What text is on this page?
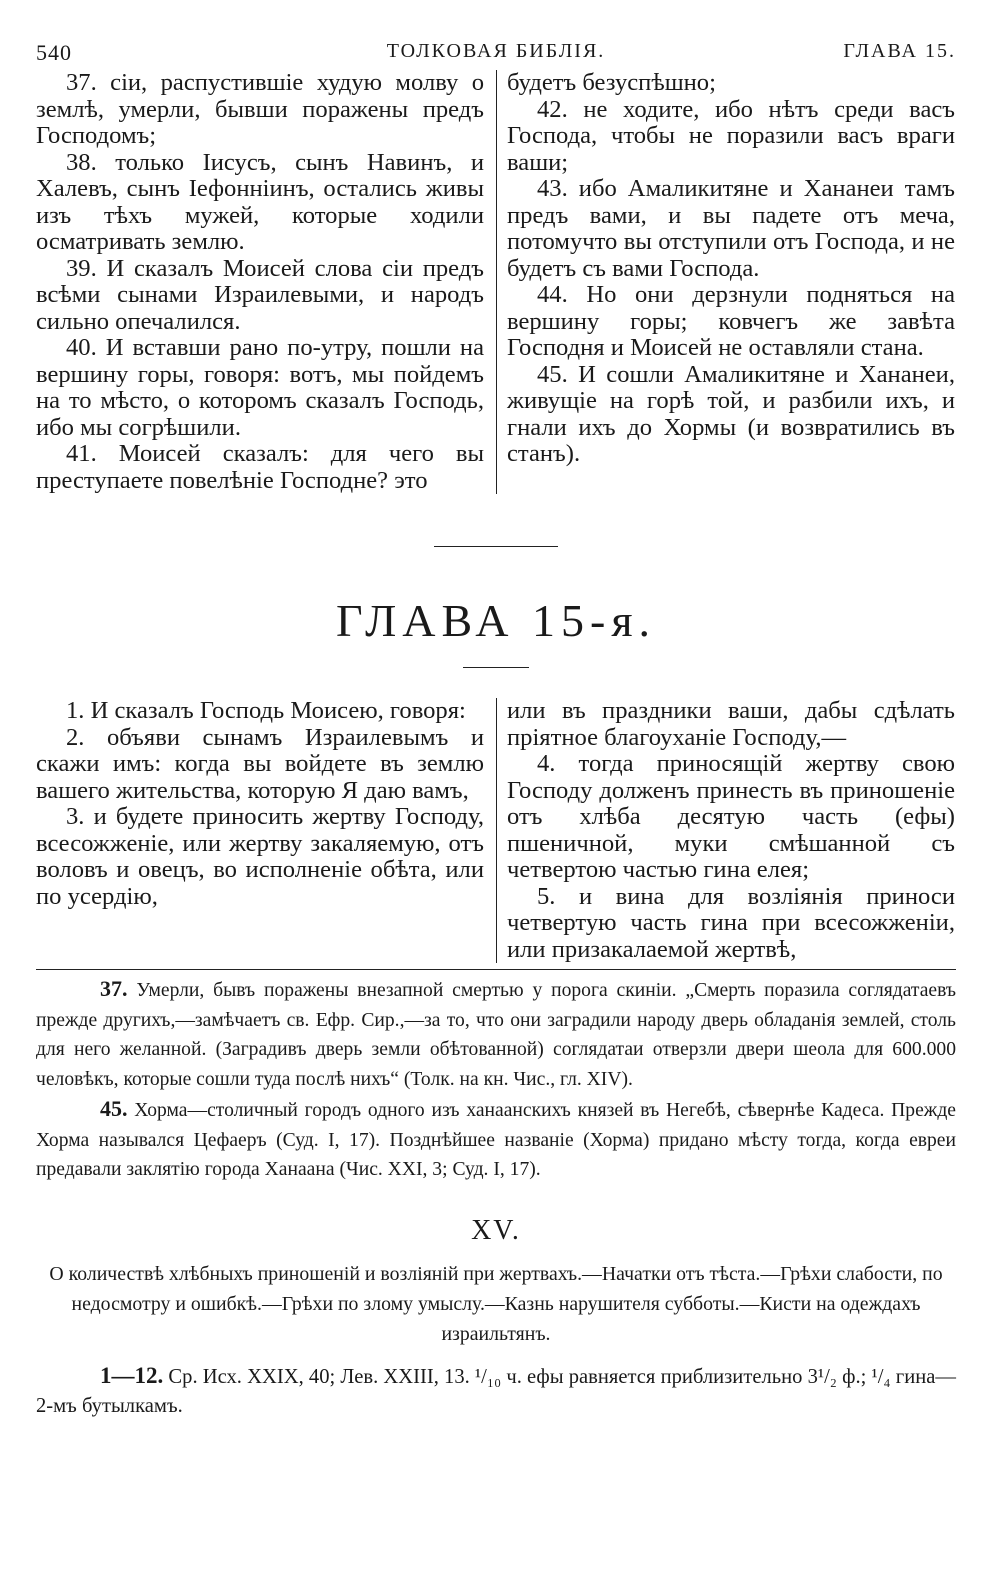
540	ТОЛКОВАЯ БИБЛІЯ.	ГЛАВА 15.

37. сіи, распустившіе худую молву о землѣ, умерли, бывши поражены предъ Господомъ;

38. только Іисусъ, сынъ Навинъ, и Халевъ, сынъ Іефонніинъ, остались живы изъ тѣхъ мужей, которые ходили осматривать землю.

39. И сказалъ Моисей слова сіи предъ всѣми сынами Израилевыми, и народъ сильно опечалился.

40. И вставши рано по-утру, пошли на вершину горы, говоря: вотъ, мы пойдемъ на то мѣсто, о которомъ сказалъ Господь, ибо мы согрѣшили.

41. Моисей сказалъ: для чего вы преступаете повелѣніе Господне? это

будетъ безуспѣшно;

42. не ходите, ибо нѣтъ среди васъ Господа, чтобы не поразили васъ враги ваши;

43. ибо Амаликитяне и Хананеи тамъ предъ вами, и вы падете отъ меча, потомучто вы отступили отъ Господа, и не будетъ съ вами Господа.

44. Но они дерзнули подняться на вершину горы; ковчегъ же завѣта Господня и Моисей не оставляли стана.

45. И сошли Амаликитяне и Хананеи, живущіе на горѣ той, и разбили ихъ, и гнали ихъ до Хормы (и возвратились въ станъ).

ГЛАВА 15-я.

1. И сказалъ Господь Моисею, говоря:

2. объяви сынамъ Израилевымъ и скажи имъ: когда вы войдете въ землю вашего жительства, которую Я даю вамъ,

3. и будете приносить жертву Господу, всесожженіе, или жертву закаляемую, отъ воловъ и овецъ, во исполненіе обѣта, или по усердію,

или въ праздники ваши, дабы сдѣлать пріятное благоуханіе Господу,—

4. тогда приносящій жертву свою Господу долженъ принесть въ приношеніе отъ хлѣба десятую часть (ефы) пшеничной, муки смѣшанной съ четвертою частью гина елея;

5. и вина для возліянія приноси четвертую часть гина при всесожженіи, или призакалаемой жертвѣ,

37. Умерли, бывъ поражены внезапной смертью у порога скиніи. „Смерть поразила соглядатаевъ прежде другихъ,—замѣчаетъ св. Ефр. Сир.,—за то, что они заградили народу дверь обладанія землей, столь для него желанной. (Заградивъ дверь земли обѣтованной) соглядатаи отверзли двери шеола для 600.000 человѣкъ, которые сошли туда послѣ нихъ“ (Толк. на кн. Чис., гл. XIV).

45. Хорма—столичный городъ одного изъ ханаанскихъ князей въ Негебѣ, сѣвернѣе Кадеса. Прежде Хорма назывался Цефаеръ (Суд. I, 17). Позднѣйшее названіе (Хорма) придано мѣсту тогда, когда евреи предавали заклятію города Ханаана (Чис. XXI, 3; Суд. I, 17).

XV.

О количествѣ хлѣбныхъ приношеній и возліяній при жертвахъ.—Начатки отъ тѣста.—Грѣхи слабости, по недосмотру и ошибкѣ.—Грѣхи по злому умыслу.—Казнь нарушителя субботы.—Кисти на одеждахъ израильтянъ.

1—12. Ср. Исх. XXIX, 40; Лев. XXIII, 13. ¹/₁₀ ч. ефы равняется приблизительно 3¹/₂ ф.; ¹/₄ гина—2-мъ бутылкамъ.
